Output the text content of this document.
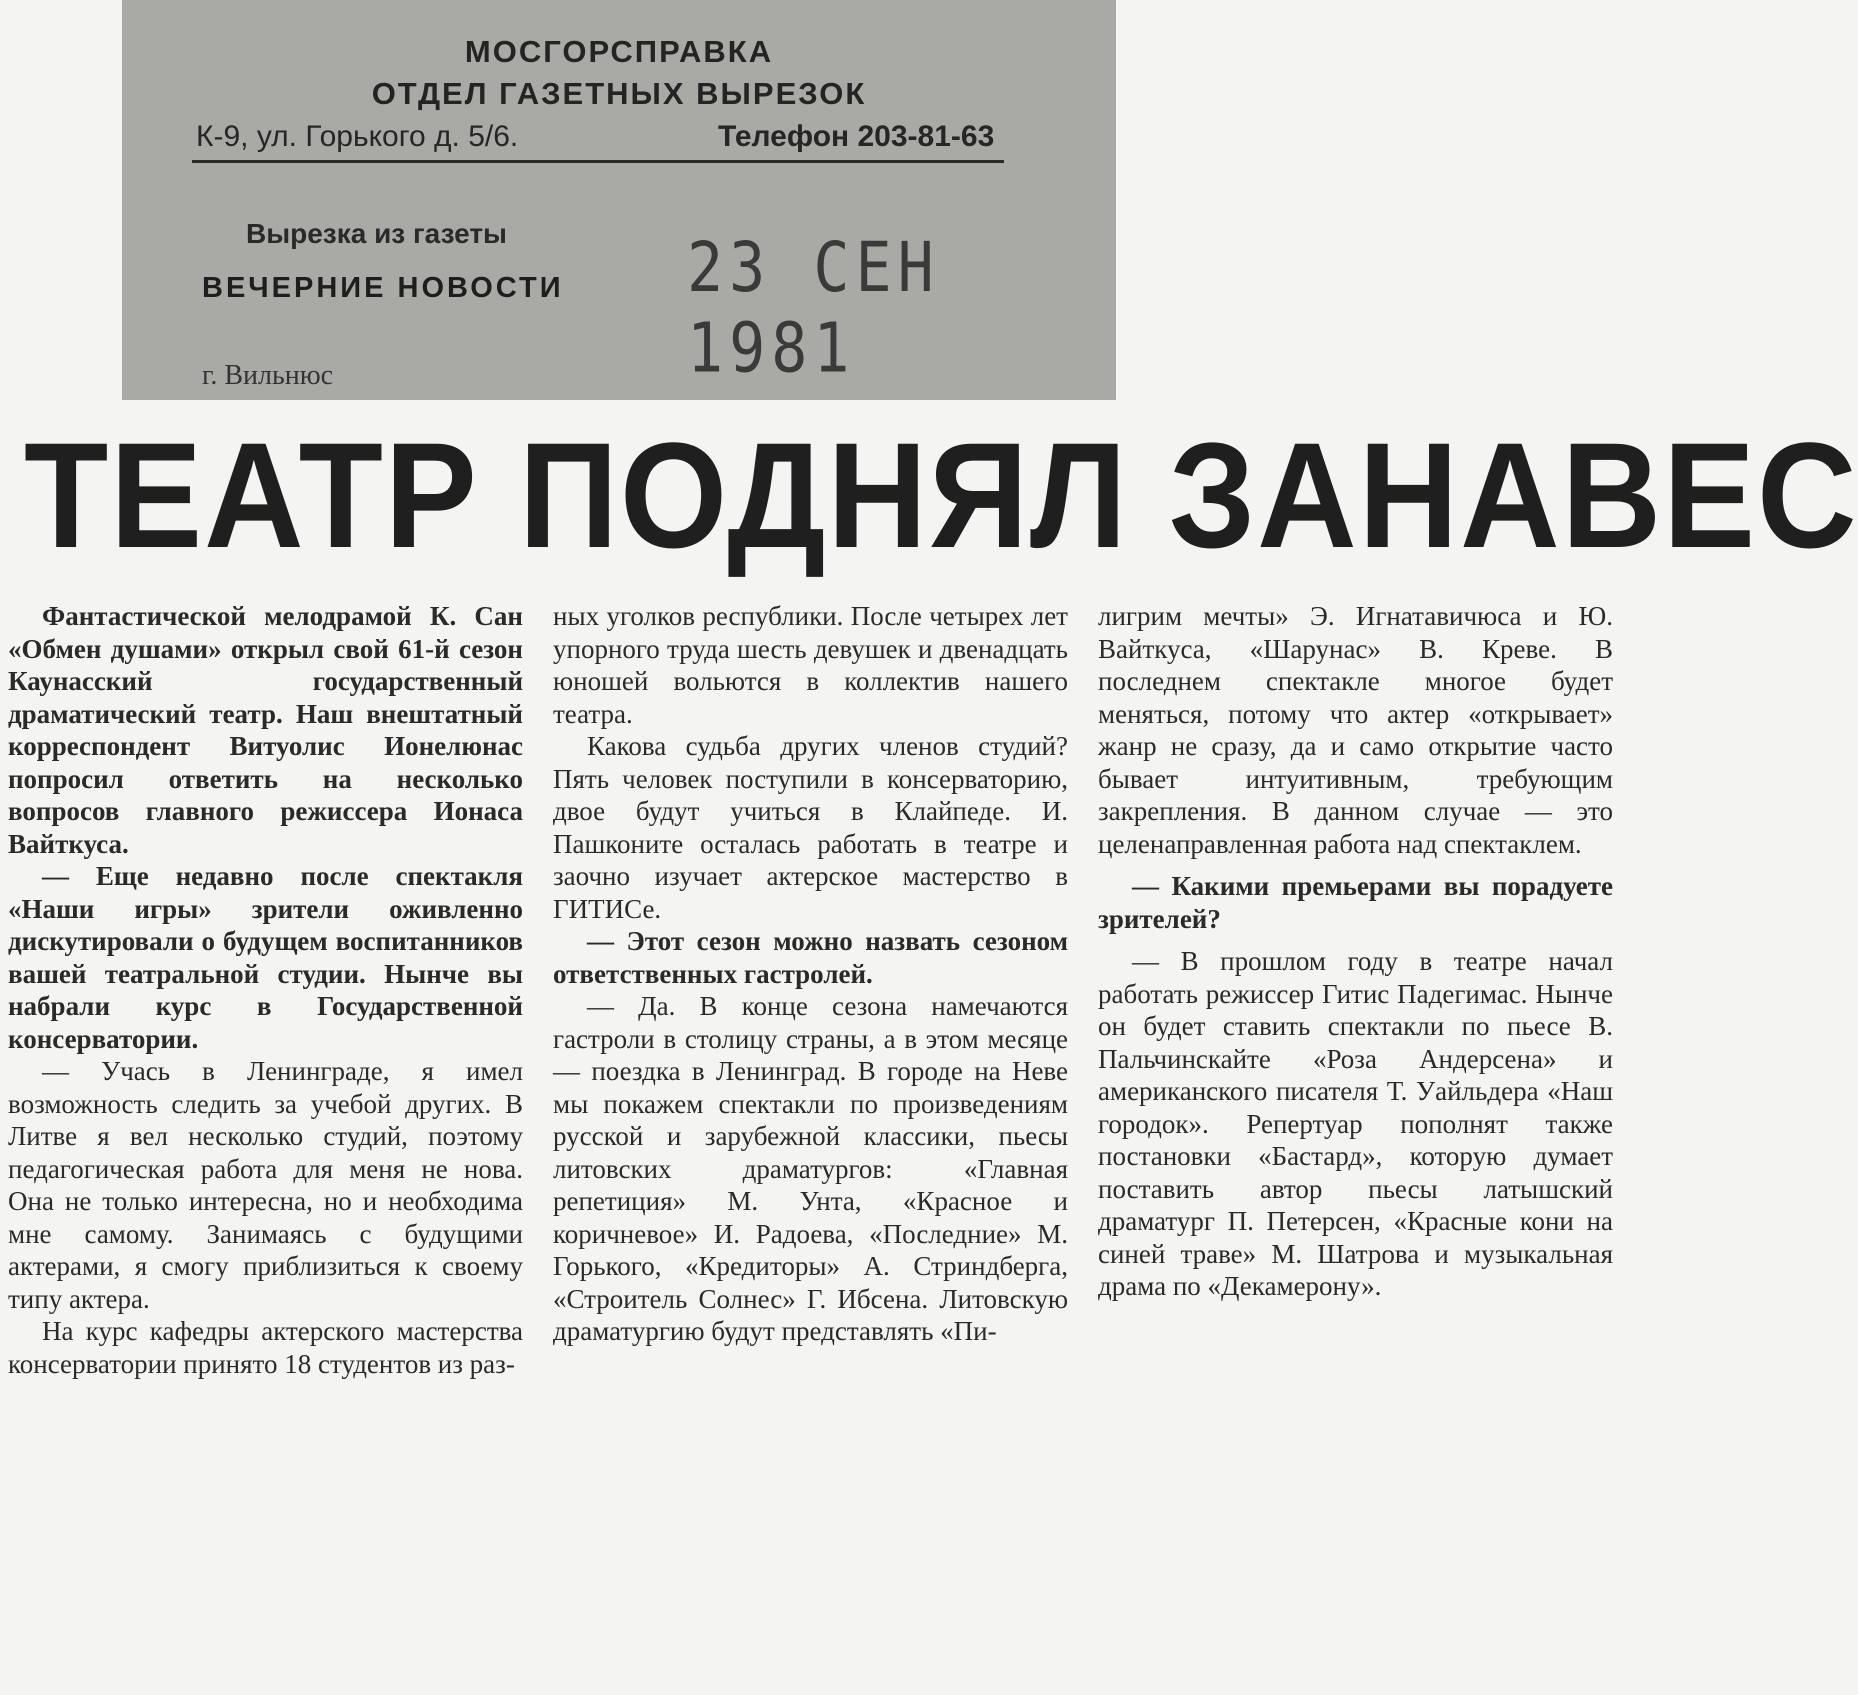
МОСГОРСПРАВКА
ОТДЕЛ ГАЗЕТНЫХ ВЫРЕЗОК
К-9, ул. Горького д. 5/6.	Телефон 203-81-63
Вырезка из газеты
ВЕЧЕРНИЕ НОВОСТИ 23 СЕН 1981
г. Вильнюс
ТЕАТР ПОДНЯЛ ЗАНАВЕС

Фантастической мелодрамой К. Сан «Обмен душами» открыл свой 61-й сезон Каунасский государственный драматический театр. Наш внештатный корреспондент Витуолис Ионелюнас попросил ответить на несколько вопросов главного режиссера Ионаса Вайткуса.

— Еще недавно после спектакля «Наши игры» зрители оживленно дискутировали о будущем воспитанников вашей театральной студии. Нынче вы набрали курс в Государственной консерватории.

— Учась в Ленинграде, я имел возможность следить за учебой других. В Литве я вел несколько студий, поэтому педагогическая работа для меня не нова. Она не только интересна, но и необходима мне самому. Занимаясь с будущими актерами, я смогу приблизиться к своему типу актера.

На курс кафедры актерского мастерства консерватории принято 18 студентов из раз-

ных уголков республики. После четырех лет упорного труда шесть девушек и двенадцать юношей вольются в коллектив нашего театра.

Какова судьба других членов студий? Пять человек поступили в консерваторию, двое будут учиться в Клайпеде. И. Пашконите осталась работать в театре и заочно изучает актерское мастерство в ГИТИСе.

— Этот сезон можно назвать сезоном ответственных гастролей.

— Да. В конце сезона намечаются гастроли в столицу страны, а в этом месяце — поездка в Ленинград. В городе на Неве мы покажем спектакли по произведениям русской и зарубежной классики, пьесы литовских драматургов: «Главная репетиция» М. Унта, «Красное и коричневое» И. Радоева, «Последние» М. Горького, «Кредиторы» А. Стриндберга, «Строитель Солнес» Г. Ибсена. Литовскую драматургию будут представлять «Пи-

лигрим мечты» Э. Игнатавичюса и Ю. Вайткуса, «Шарунас» В. Креве. В последнем спектакле многое будет меняться, потому что актер «открывает» жанр не сразу, да и само открытие часто бывает интуитивным, требующим закрепления. В данном случае — это целенаправленная работа над спектаклем.

— Какими премьерами вы порадуете зрителей?

— В прошлом году в театре начал работать режиссер Гитис Падегимас. Нынче он будет ставить спектакли по пьесе В. Пальчинскайте «Роза Андерсена» и американского писателя Т. Уайльдера «Наш городок». Репертуар пополнят также постановки «Бастард», которую думает поставить автор пьесы латышский драматург П. Петерсен, «Красные кони на синей траве» М. Шатрова и музыкальная драма по «Декамерону».
